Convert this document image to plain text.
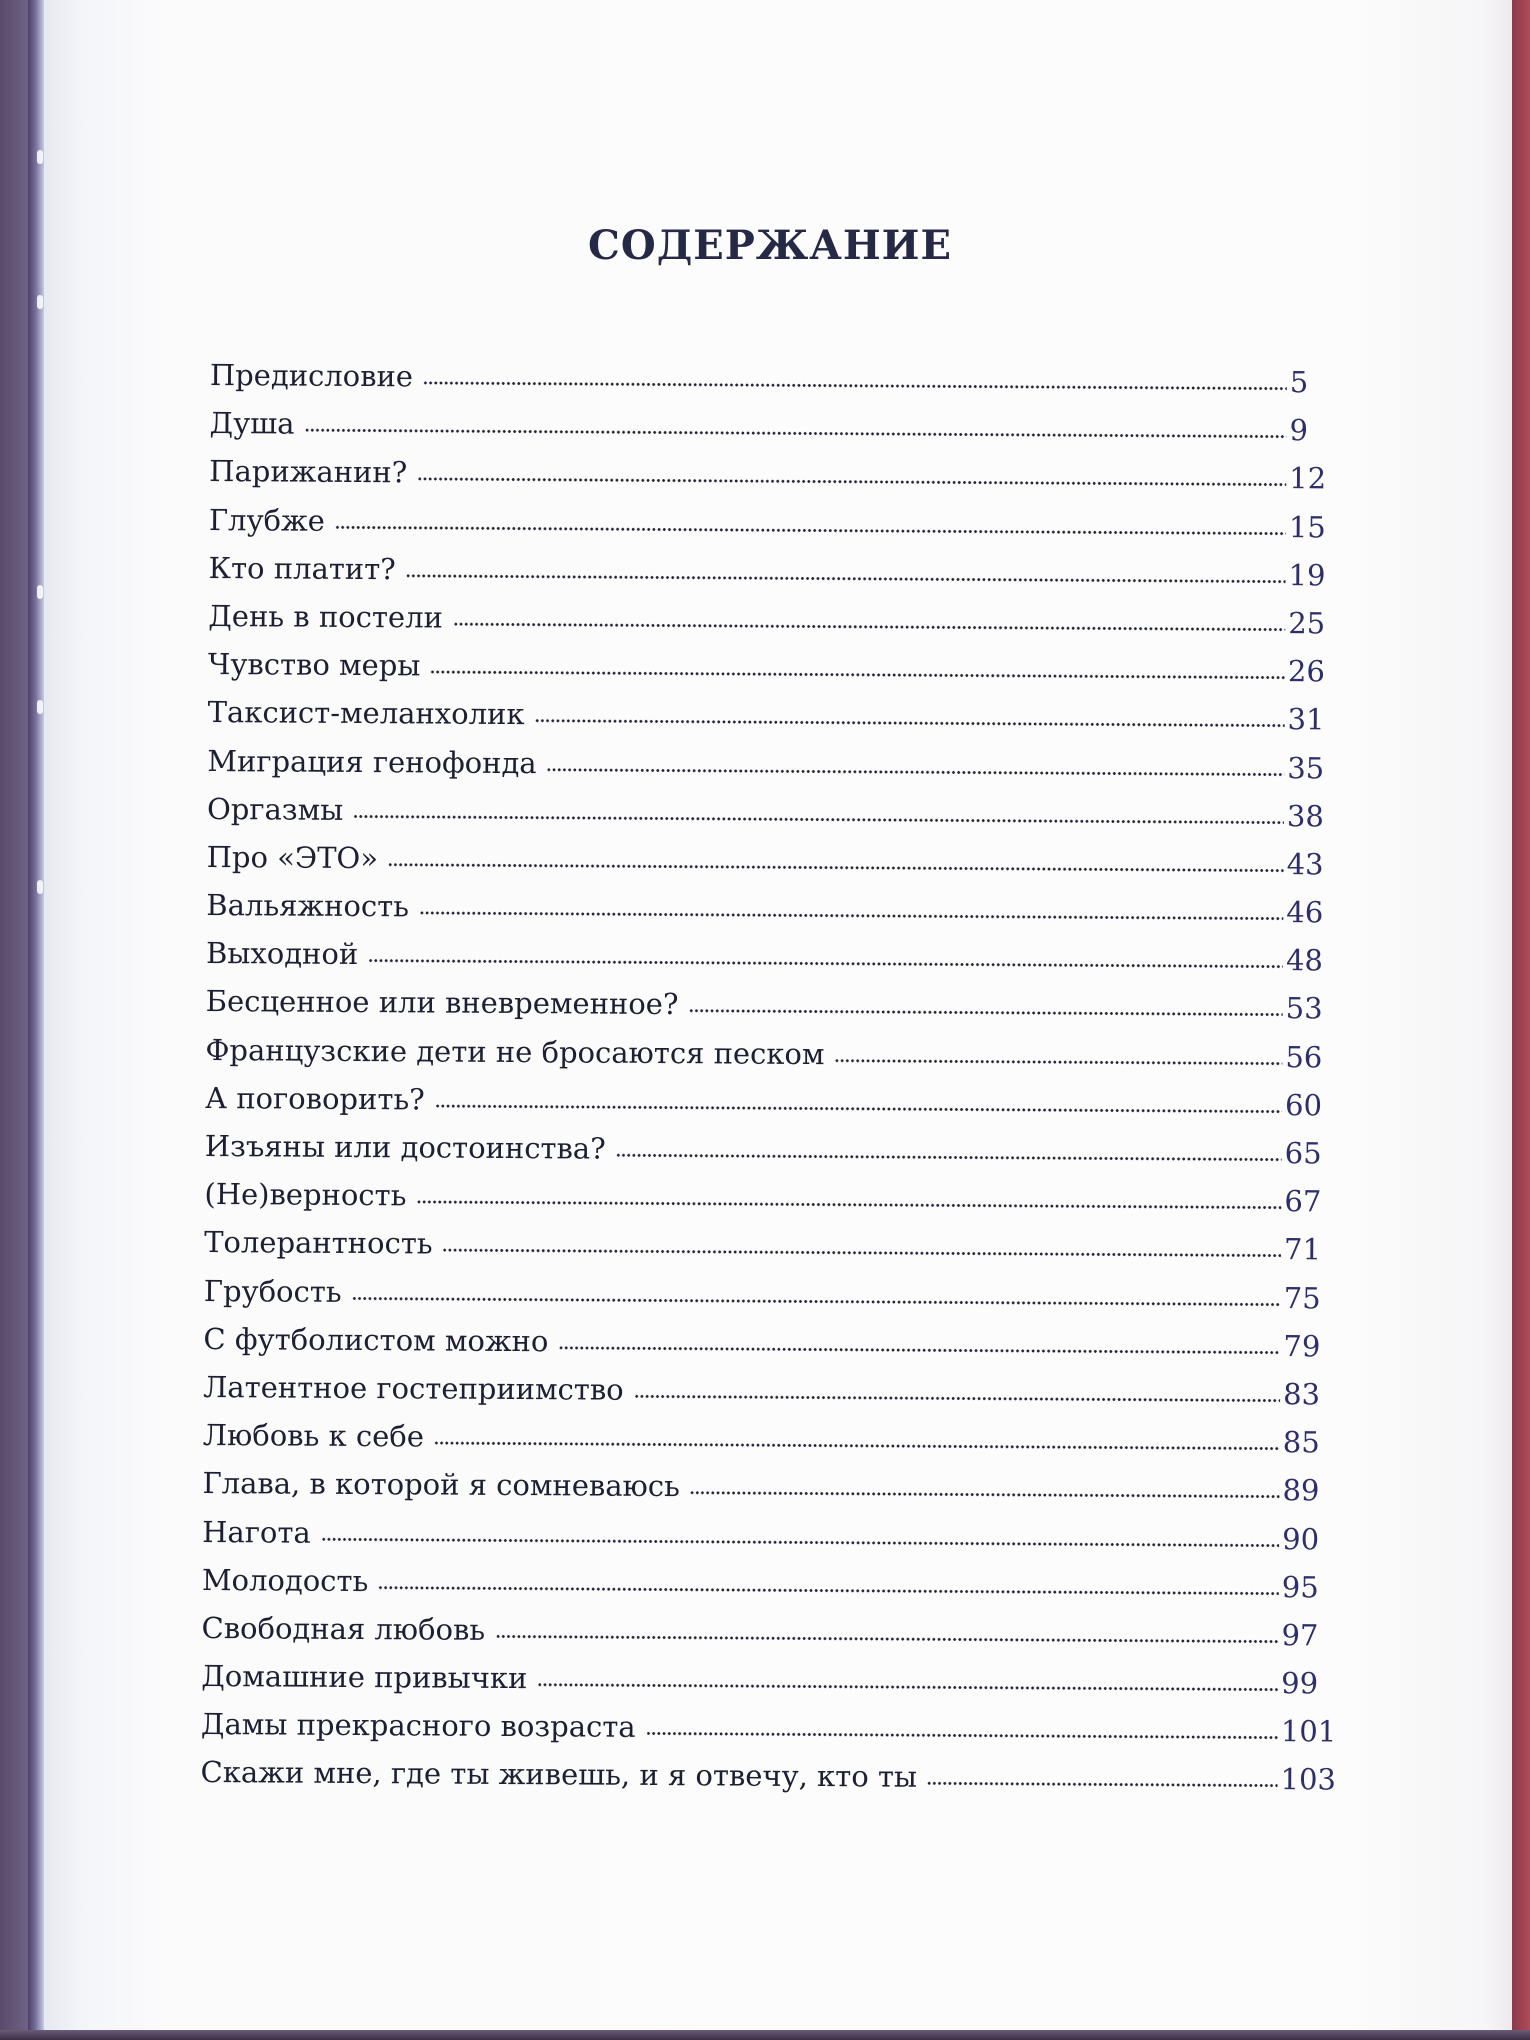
СОДЕРЖАНИЕ
Предисловие	5
Душа	9
Парижанин?	12
Глубже	15
Кто платит?	19
День в постели	25
Чувство меры	26
Таксист-меланхолик	31
Миграция генофонда	35
Оргазмы	38
Про «ЭТО»	43
Вальяжность	46
Выходной	48
Бесценное или вневременное?	53
Французские дети не бросаются песком	56
А поговорить?	60
Изъяны или достоинства?	65
(Не)верность	67
Толерантность	71
Грубость	75
С футболистом можно	79
Латентное гостеприимство	83
Любовь к себе	85
Глава, в которой я сомневаюсь	89
Нагота	90
Молодость	95
Свободная любовь	97
Домашние привычки	99
Дамы прекрасного возраста	101
Скажи мне, где ты живешь, и я отвечу, кто ты	103
